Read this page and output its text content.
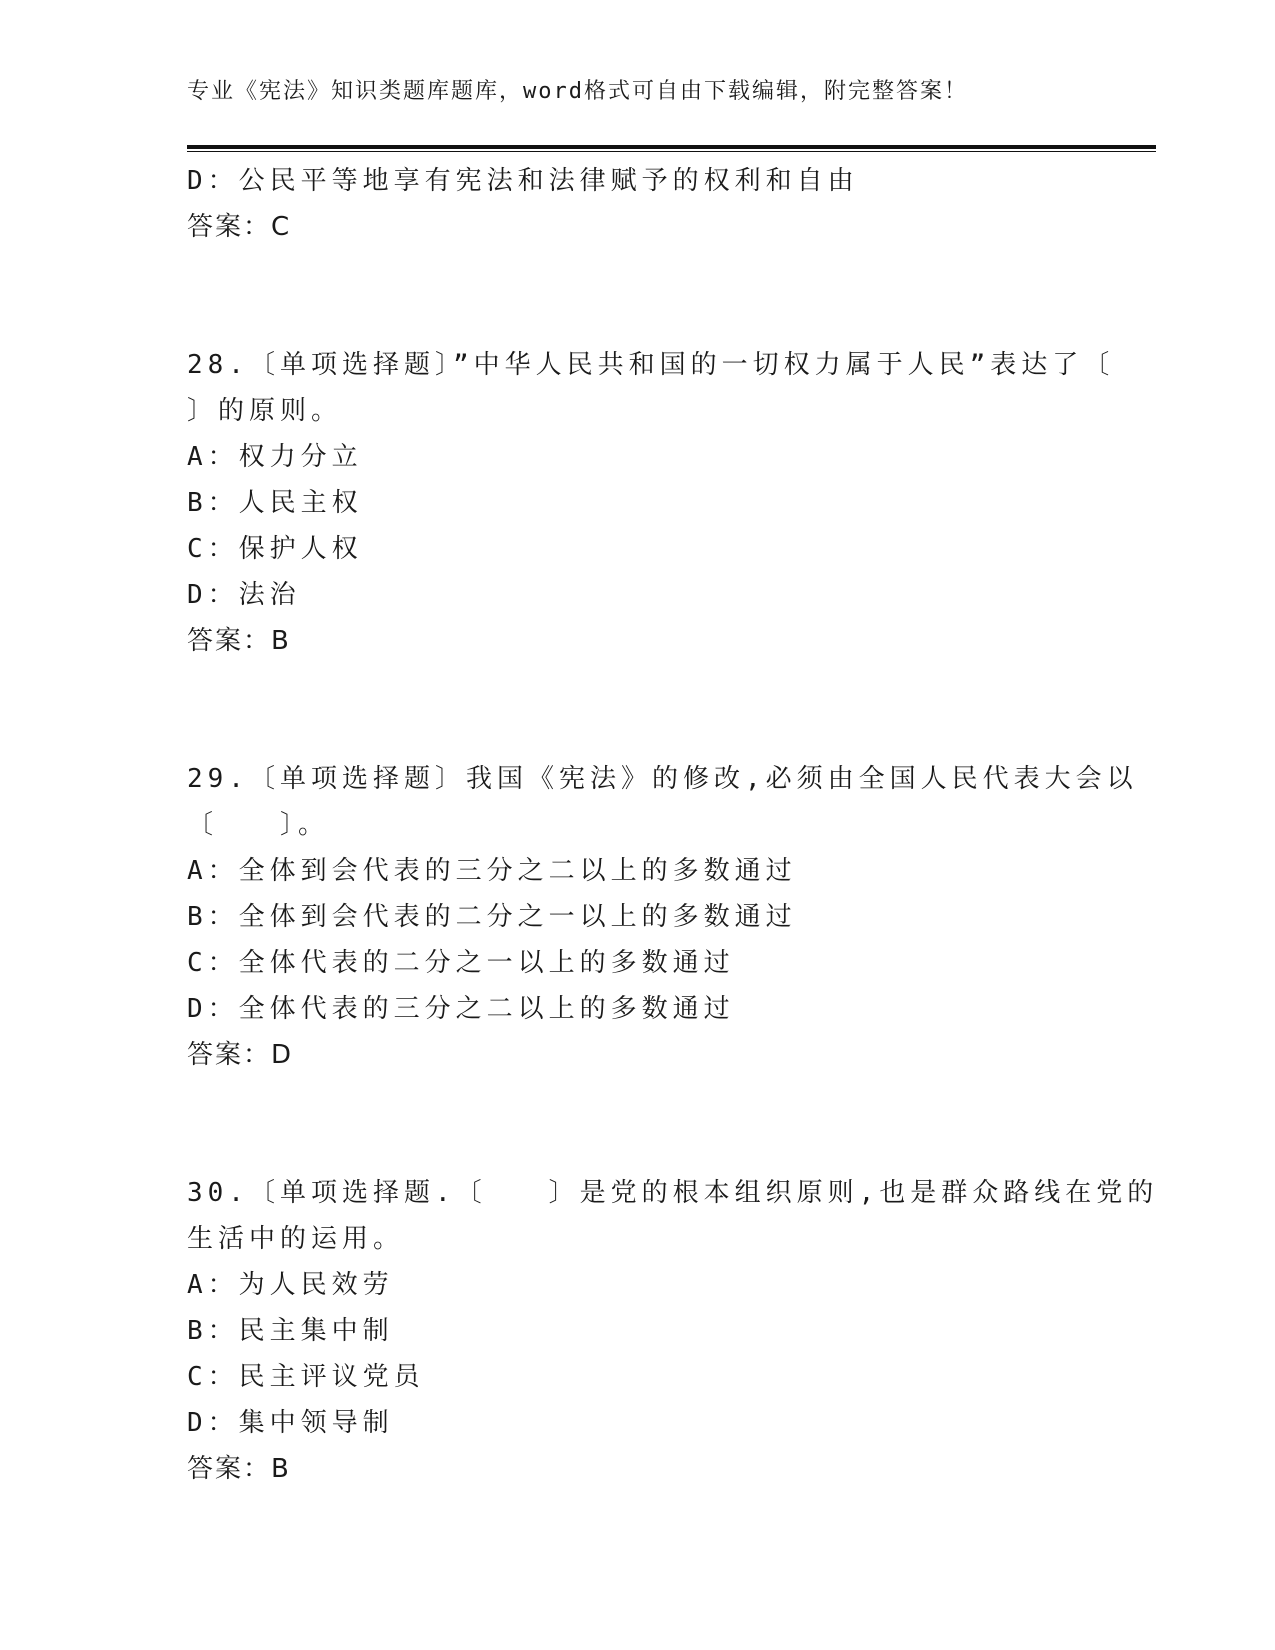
专业《宪法》知识类题库题库，word格式可自由下载编辑，附完整答案！
D：公民平等地享有宪法和法律赋予的权利和自由
答案：C
28.〔单项选择题〕”中华人民共和国的一切权力属于人民”表达了〔
〕的原则。
A：权力分立
B：人民主权
C：保护人权
D：法治
答案：B
29.〔单项选择题〕我国《宪法》的修改,必须由全国人民代表大会以
〔　　〕。
A：全体到会代表的三分之二以上的多数通过
B：全体到会代表的二分之一以上的多数通过
C：全体代表的二分之一以上的多数通过
D：全体代表的三分之二以上的多数通过
答案：D
30.〔单项选择题.〔　　〕是党的根本组织原则,也是群众路线在党的
生活中的运用。
A：为人民效劳
B：民主集中制
C：民主评议党员
D：集中领导制
答案：B
